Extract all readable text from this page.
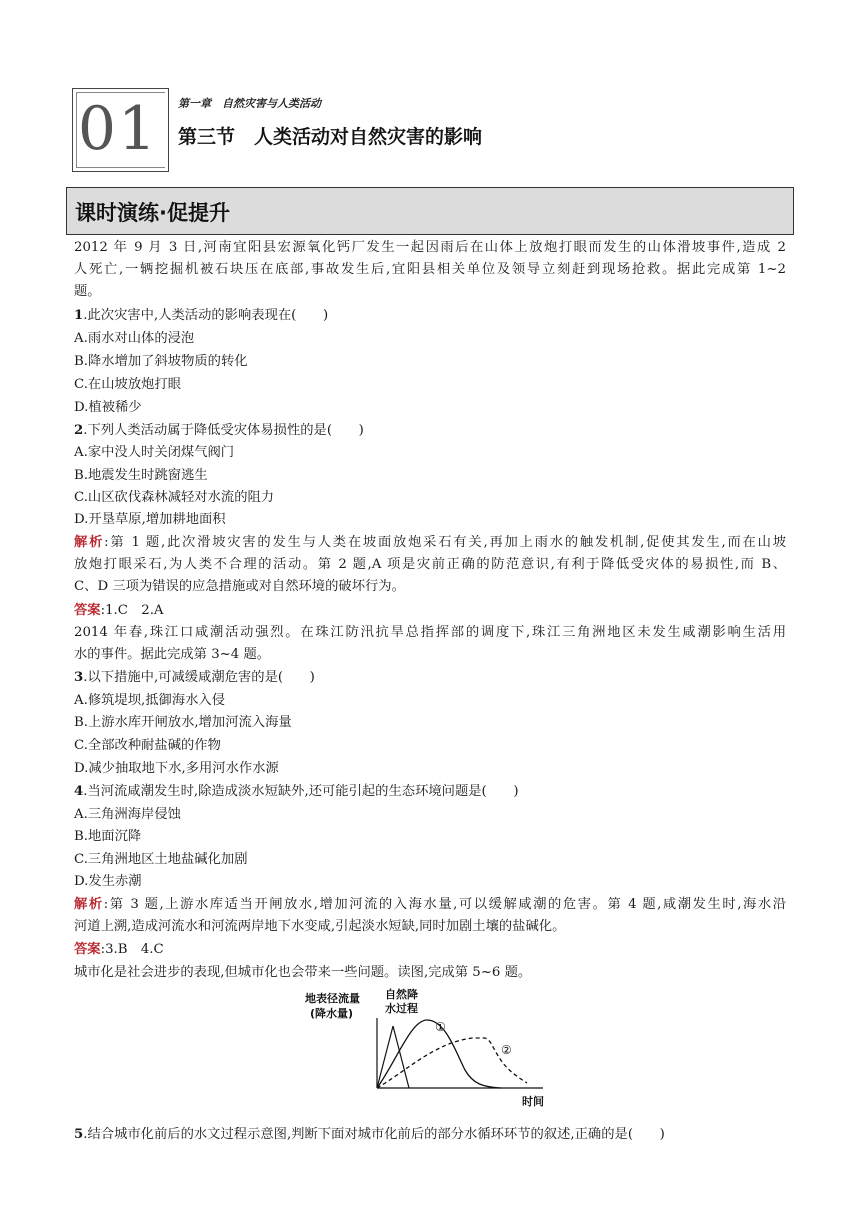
01	第一章　自然灾害与人类活动
第三节　人类活动对自然灾害的影响
课时演练·促提升
2012 年 9 月 3 日,河南宜阳县宏源氧化钙厂发生一起因雨后在山体上放炮打眼而发生的山体滑坡事件,造成 2
人死亡,一辆挖掘机被石块压在底部,事故发生后,宜阳县相关单位及领导立刻赶到现场抢救。据此完成第 1~2
题。
1.此次灾害中,人类活动的影响表现在(　　)
A.雨水对山体的浸泡
B.降水增加了斜坡物质的转化
C.在山坡放炮打眼
D.植被稀少
2.下列人类活动属于降低受灾体易损性的是(　　)
A.家中没人时关闭煤气阀门
B.地震发生时跳窗逃生
C.山区砍伐森林减轻对水流的阻力
D.开垦草原,增加耕地面积
解析:第 1 题,此次滑坡灾害的发生与人类在坡面放炮采石有关,再加上雨水的触发机制,促使其发生,而在山坡
放炮打眼采石,为人类不合理的活动。第 2 题,A 项是灾前正确的防范意识,有利于降低受灾体的易损性,而 B、
C、D 三项为错误的应急措施或对自然环境的破坏行为。
答案:1.C　2.A
2014 年春,珠江口咸潮活动强烈。在珠江防汛抗旱总指挥部的调度下,珠江三角洲地区未发生咸潮影响生活用
水的事件。据此完成第 3~4 题。
3.以下措施中,可减缓咸潮危害的是(　　)
A.修筑堤坝,抵御海水入侵
B.上游水库开闸放水,增加河流入海量
C.全部改种耐盐碱的作物
D.减少抽取地下水,多用河水作水源
4.当河流咸潮发生时,除造成淡水短缺外,还可能引起的生态环境问题是(　　)
A.三角洲海岸侵蚀
B.地面沉降
C.三角洲地区土地盐碱化加剧
D.发生赤潮
解析:第 3 题,上游水库适当开闸放水,增加河流的入海水量,可以缓解咸潮的危害。第 4 题,咸潮发生时,海水沿
河道上溯,造成河流水和河流两岸地下水变咸,引起淡水短缺,同时加剧土壤的盐碱化。
答案:3.B　4.C
城市化是社会进步的表现,但城市化也会带来一些问题。读图,完成第 5~6 题。
地表径流量
(降水量)
自然降
水过程
①
②
时间
5.结合城市化前后的水文过程示意图,判断下面对城市化前后的部分水循环环节的叙述,正确的是(　　)
